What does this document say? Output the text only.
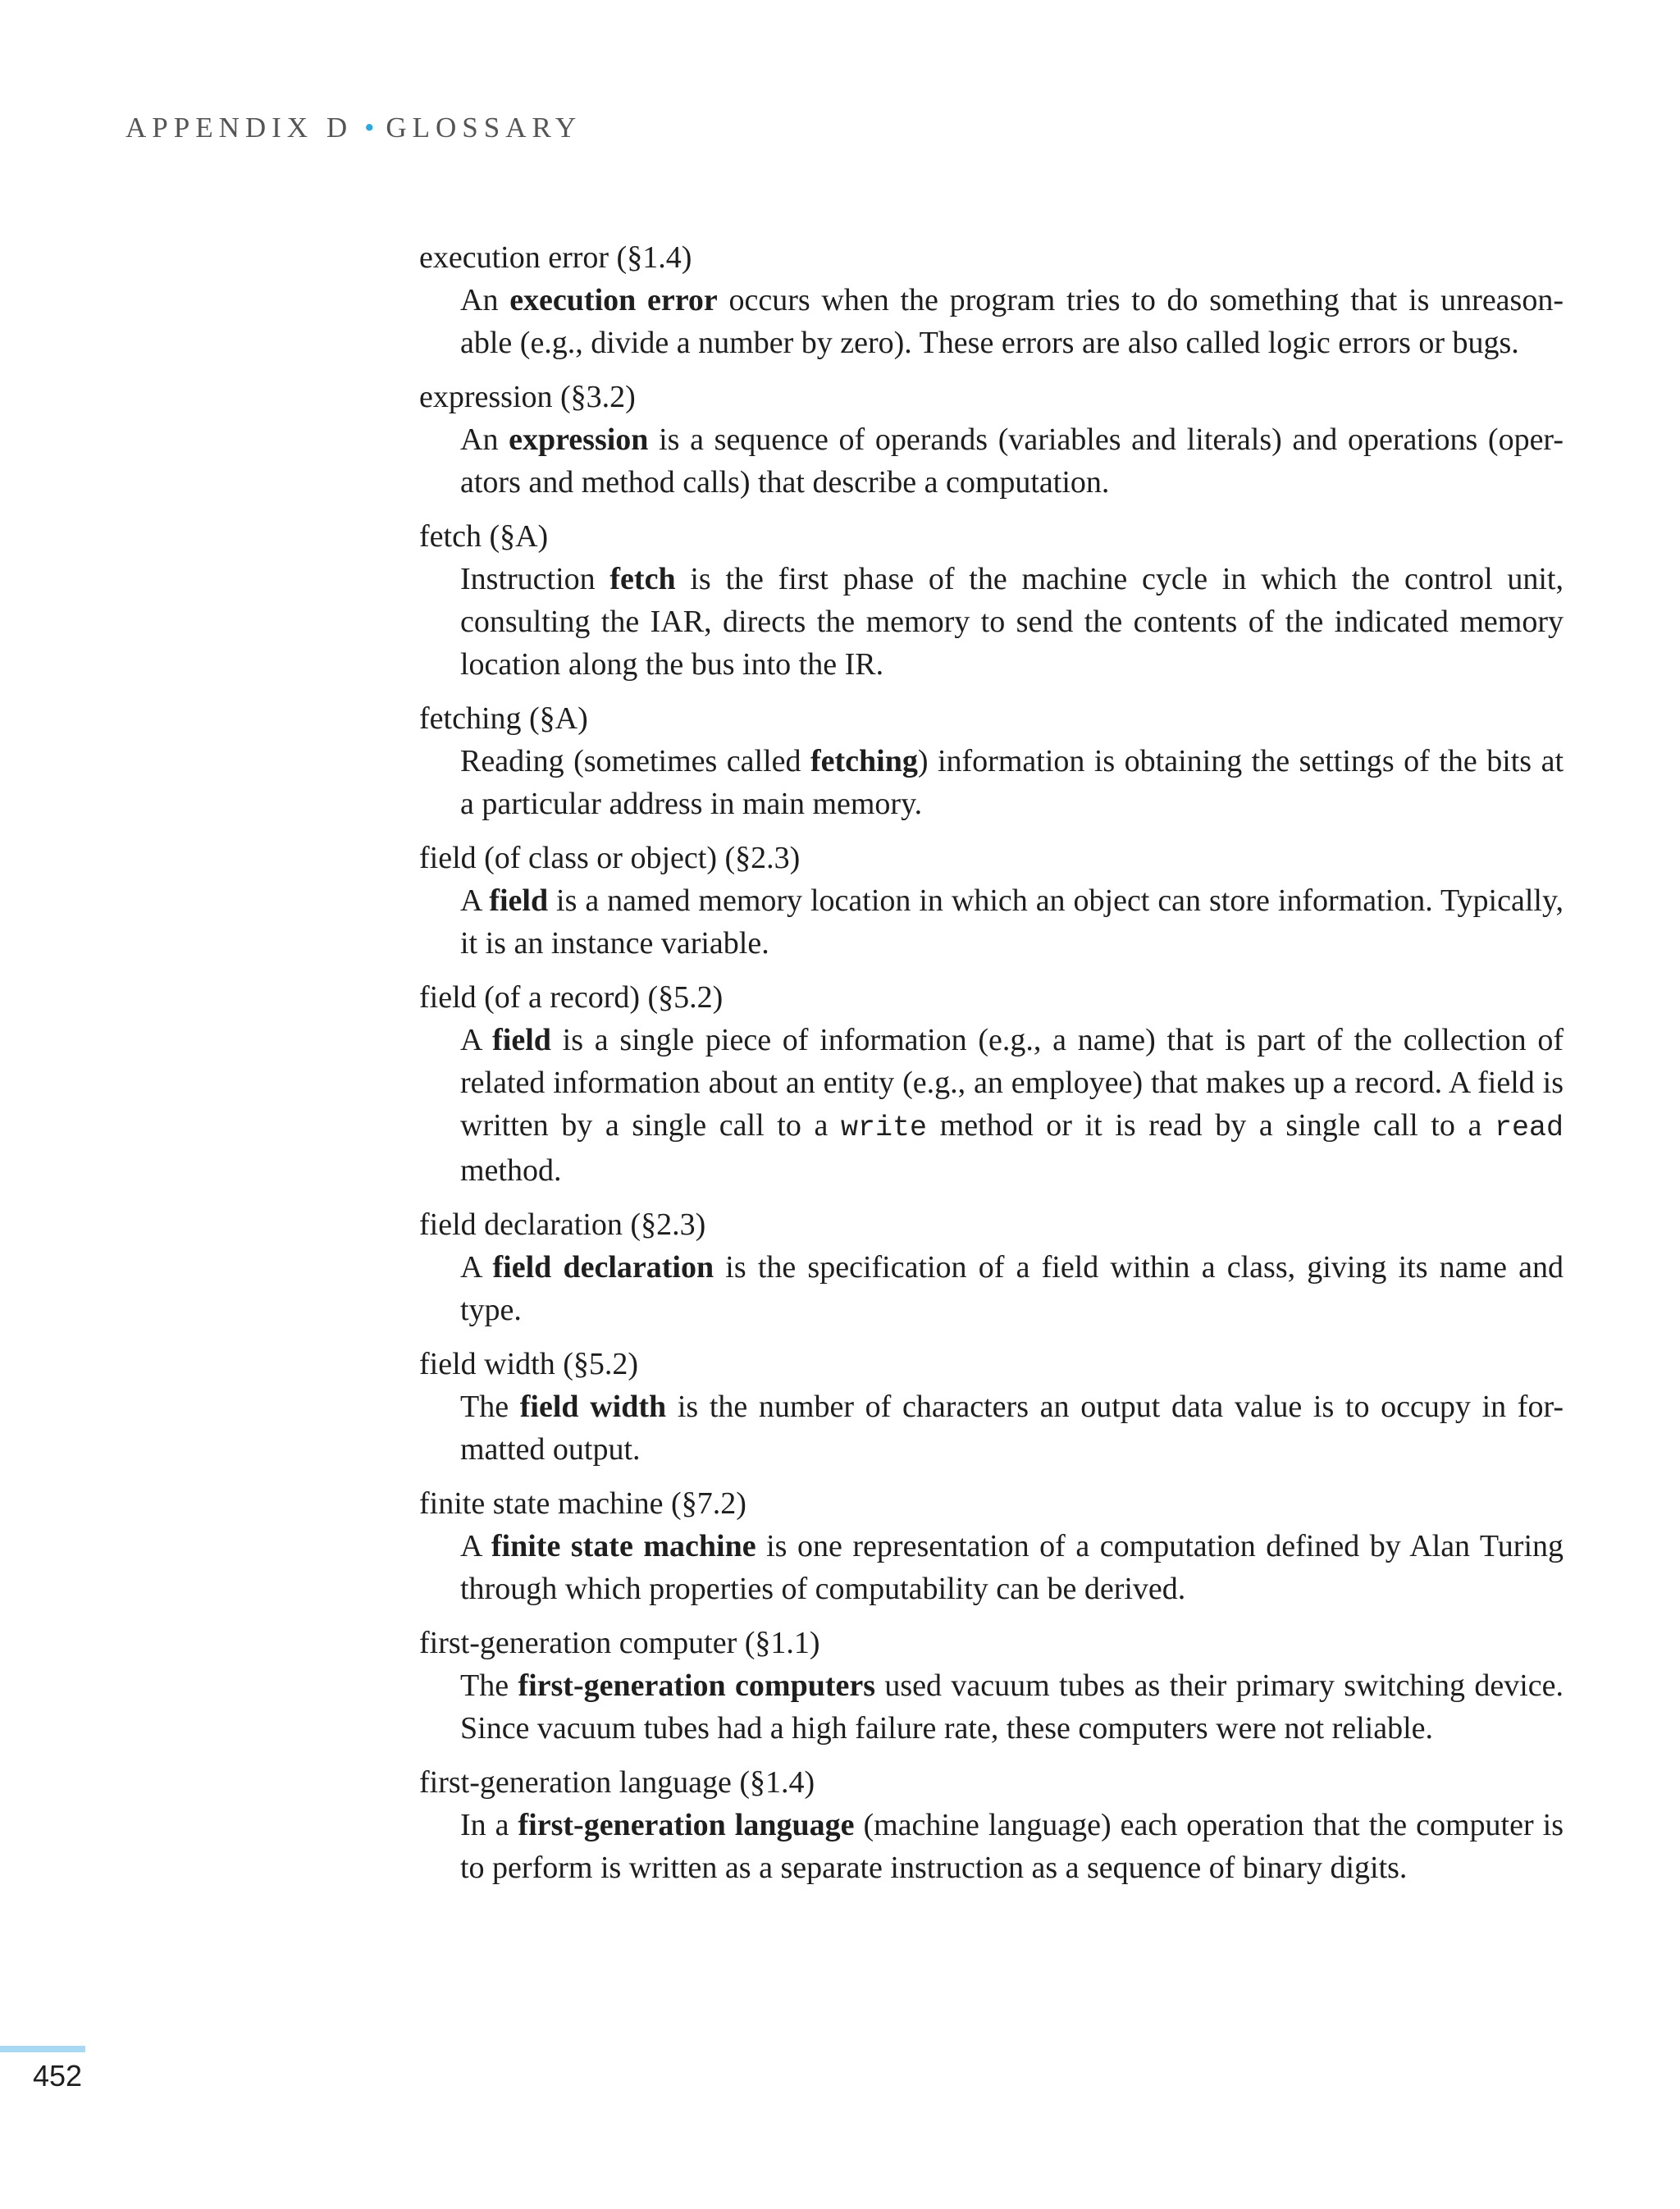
APPENDIX D • GLOSSARY
execution error (§1.4)
An execution error occurs when the program tries to do something that is unreason-able (e.g., divide a number by zero). These errors are also called logic errors or bugs.
expression (§3.2)
An expression is a sequence of operands (variables and literals) and operations (oper-ators and method calls) that describe a computation.
fetch (§A)
Instruction fetch is the first phase of the machine cycle in which the control unit, consulting the IAR, directs the memory to send the contents of the indicated memory location along the bus into the IR.
fetching (§A)
Reading (sometimes called fetching) information is obtaining the settings of the bits at a particular address in main memory.
field (of class or object) (§2.3)
A field is a named memory location in which an object can store information. Typically, it is an instance variable.
field (of a record) (§5.2)
A field is a single piece of information (e.g., a name) that is part of the collection of related information about an entity (e.g., an employee) that makes up a record. A field is written by a single call to a write method or it is read by a single call to a read method.
field declaration (§2.3)
A field declaration is the specification of a field within a class, giving its name and type.
field width (§5.2)
The field width is the number of characters an output data value is to occupy in for-matted output.
finite state machine (§7.2)
A finite state machine is one representation of a computation defined by Alan Turing through which properties of computability can be derived.
first-generation computer (§1.1)
The first-generation computers used vacuum tubes as their primary switching device. Since vacuum tubes had a high failure rate, these computers were not reliable.
first-generation language (§1.4)
In a first-generation language (machine language) each operation that the computer is to perform is written as a separate instruction as a sequence of binary digits.
452
